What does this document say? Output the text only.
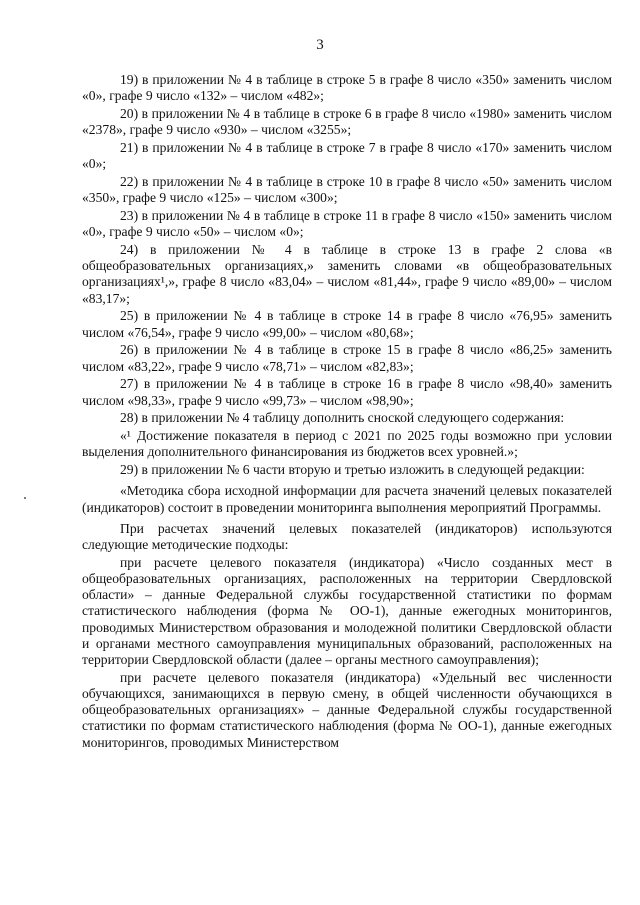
3

19) в приложении № 4 в таблице в строке 5 в графе 8 число «350» заменить числом «0», графе 9 число «132» – числом «482»;

20) в приложении № 4 в таблице в строке 6 в графе 8 число «1980» заменить числом «2378», графе 9 число «930» – числом «3255»;

21) в приложении № 4 в таблице в строке 7 в графе 8 число «170» заменить числом «0»;

22) в приложении № 4 в таблице в строке 10 в графе 8 число «50» заменить числом «350», графе 9 число «125» – числом «300»;

23) в приложении № 4 в таблице в строке 11 в графе 8 число «150» заменить числом «0», графе 9 число «50» – числом «0»;

24) в приложении № 4 в таблице в строке 13 в графе 2 слова «в общеобразовательных организациях,» заменить словами «в общеобразовательных организациях¹,», графе 8 число «83,04» – числом «81,44», графе 9 число «89,00» – числом «83,17»;

25) в приложении № 4 в таблице в строке 14 в графе 8 число «76,95» заменить числом «76,54», графе 9 число «99,00» – числом «80,68»;

26) в приложении № 4 в таблице в строке 15 в графе 8 число «86,25» заменить числом «83,22», графе 9 число «78,71» – числом «82,83»;

27) в приложении № 4 в таблице в строке 16 в графе 8 число «98,40» заменить числом «98,33», графе 9 число «99,73» – числом «98,90»;

28) в приложении № 4 таблицу дополнить сноской следующего содержания:

«¹ Достижение показателя в период с 2021 по 2025 годы возможно при условии выделения дополнительного финансирования из бюджетов всех уровней.»;

29) в приложении № 6 части вторую и третью изложить в следующей редакции:

«Методика сбора исходной информации для расчета значений целевых показателей (индикаторов) состоит в проведении мониторинга выполнения мероприятий Программы.

При расчетах значений целевых показателей (индикаторов) используются следующие методические подходы:

при расчете целевого показателя (индикатора) «Число созданных мест в общеобразовательных организациях, расположенных на территории Свердловской области» – данные Федеральной службы государственной статистики по формам статистического наблюдения (форма № ОО-1), данные ежегодных мониторингов, проводимых Министерством образования и молодежной политики Свердловской области и органами местного самоуправления муниципальных образований, расположенных на территории Свердловской области (далее – органы местного самоуправления);

при расчете целевого показателя (индикатора) «Удельный вес численности обучающихся, занимающихся в первую смену, в общей численности обучающихся в общеобразовательных организациях» – данные Федеральной службы государственной статистики по формам статистического наблюдения (форма № ОО-1), данные ежегодных мониторингов, проводимых Министерством
